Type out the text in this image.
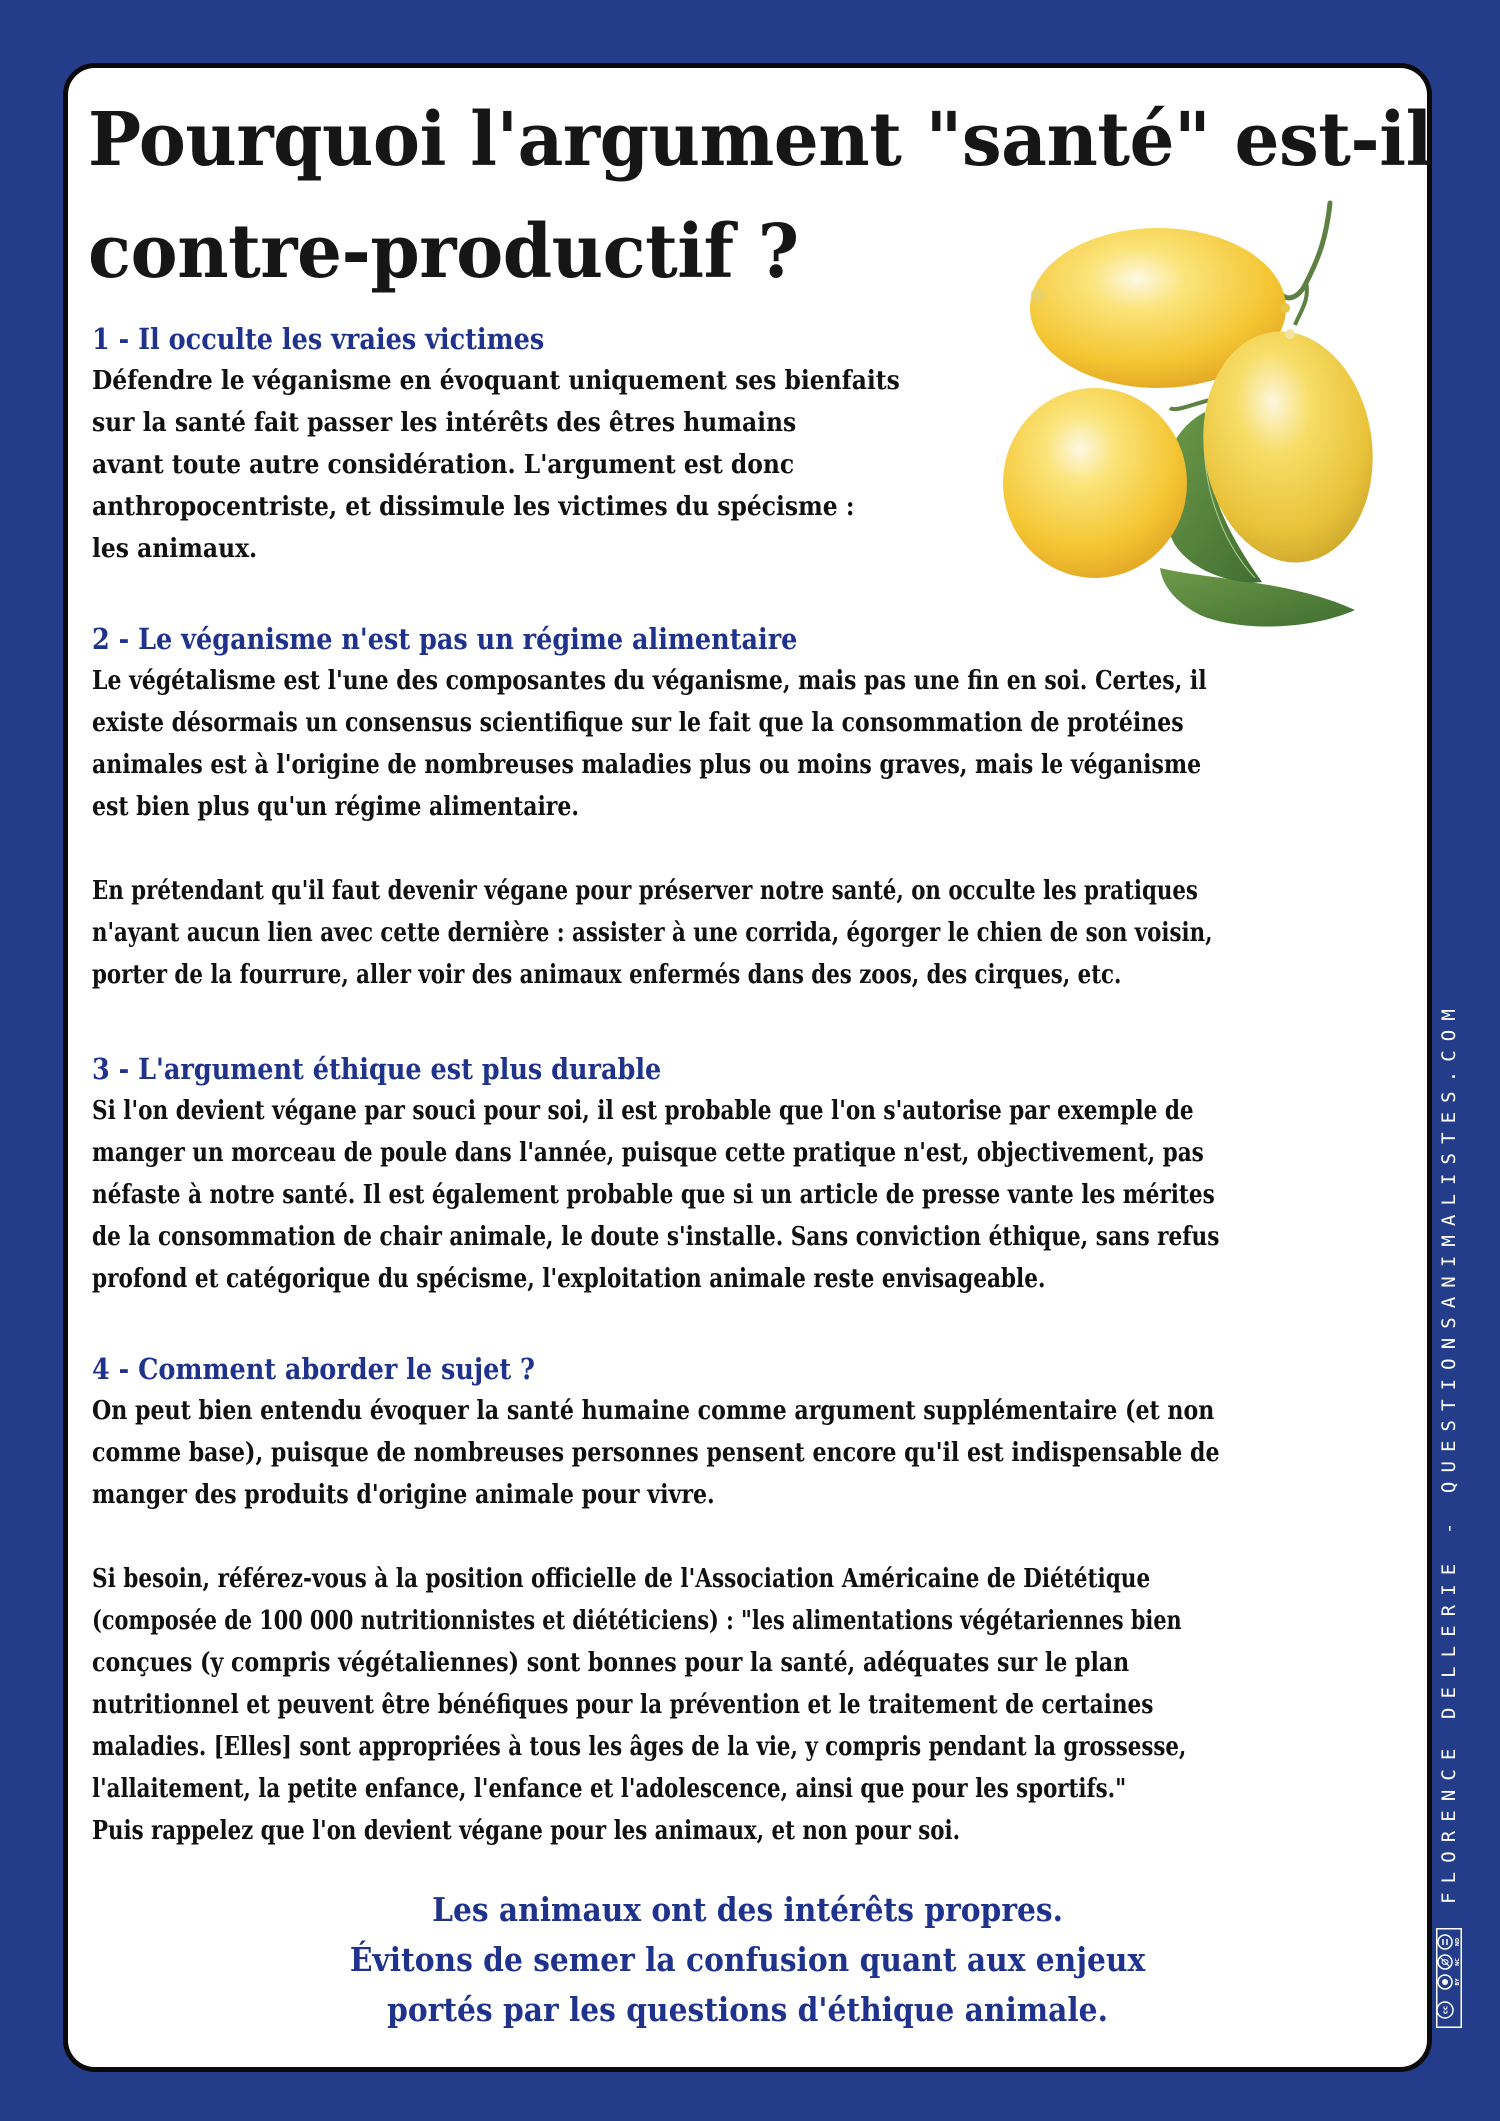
Pourquoi l'argument "santé" est-il
contre-productif ?
1 - Il occulte les vraies victimes
Défendre le véganisme en évoquant uniquement ses bienfaits
sur la santé fait passer les intérêts des êtres humains
avant toute autre considération. L'argument est donc
anthropocentriste, et dissimule les victimes du spécisme :
les animaux.
2 - Le véganisme n'est pas un régime alimentaire
Le végétalisme est l'une des composantes du véganisme, mais pas une fin en soi. Certes, il
existe désormais un consensus scientifique sur le fait que la consommation de protéines
animales est à l'origine de nombreuses maladies plus ou moins graves, mais le véganisme
est bien plus qu'un régime alimentaire.
En prétendant qu'il faut devenir végane pour préserver notre santé, on occulte les pratiques
n'ayant aucun lien avec cette dernière : assister à une corrida, égorger le chien de son voisin,
porter de la fourrure, aller voir des animaux enfermés dans des zoos, des cirques, etc.
3 - L'argument éthique est plus durable
Si l'on devient végane par souci pour soi, il est probable que l'on s'autorise par exemple de
manger un morceau de poule dans l'année, puisque cette pratique n'est, objectivement, pas
néfaste à notre santé. Il est également probable que si un article de presse vante les mérites
de la consommation de chair animale, le doute s'installe. Sans conviction éthique, sans refus
profond et catégorique du spécisme, l'exploitation animale reste envisageable.
4 - Comment aborder le sujet ?
On peut bien entendu évoquer la santé humaine comme argument supplémentaire (et non
comme base), puisque de nombreuses personnes pensent encore qu'il est indispensable de
manger des produits d'origine animale pour vivre.
Si besoin, référez-vous à la position officielle de l'Association Américaine de Diététique
(composée de 100 000 nutritionnistes et diététiciens) : "les alimentations végétariennes bien
conçues (y compris végétaliennes) sont bonnes pour la santé, adéquates sur le plan
nutritionnel et peuvent être bénéfiques pour la prévention et le traitement de certaines
maladies. [Elles] sont appropriées à tous les âges de la vie, y compris pendant la grossesse,
l'allaitement, la petite enfance, l'enfance et l'adolescence, ainsi que pour les sportifs."
Puis rappelez que l'on devient végane pour les animaux, et non pour soi.
Les animaux ont des intérêts propres.
Évitons de semer la confusion quant aux enjeux
portés par les questions d'éthique animale.
FLORENCE DELLERIE - QUESTIONSANIMALISTES.COM
cc
ND
NC
BY
